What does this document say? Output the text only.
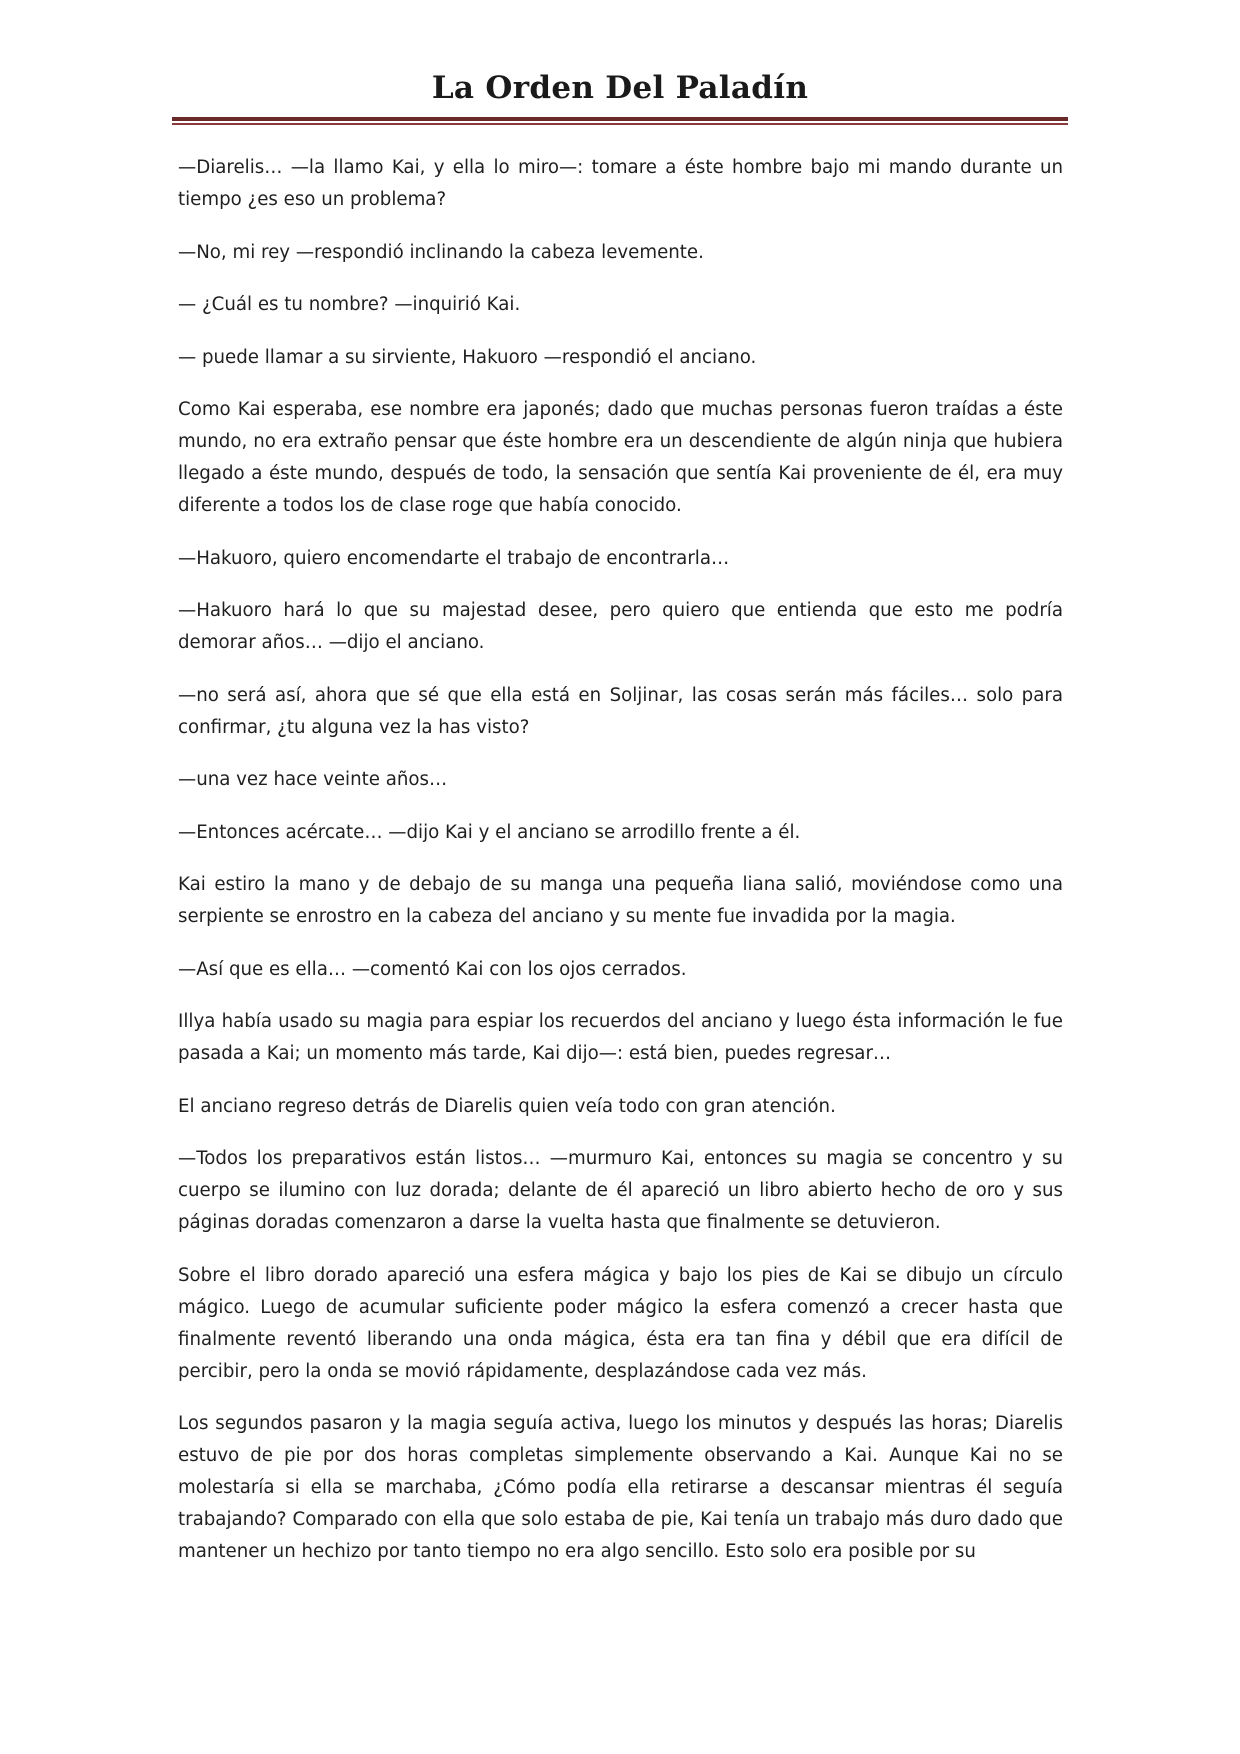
La Orden Del Paladín

—Diarelis… —la llamo Kai, y ella lo miro—: tomare a éste hombre bajo mi mando durante un tiempo ¿es eso un problema?

—No, mi rey —respondió inclinando la cabeza levemente.

— ¿Cuál es tu nombre? —inquirió Kai.

— puede llamar a su sirviente, Hakuoro —respondió el anciano.

Como Kai esperaba, ese nombre era japonés; dado que muchas personas fueron traídas a éste mundo, no era extraño pensar que éste hombre era un descendiente de algún ninja que hubiera llegado a éste mundo, después de todo, la sensación que sentía Kai proveniente de él, era muy diferente a todos los de clase roge que había conocido.

—Hakuoro, quiero encomendarte el trabajo de encontrarla…

—Hakuoro hará lo que su majestad desee, pero quiero que entienda que esto me podría demorar años… —dijo el anciano.

—no será así, ahora que sé que ella está en Soljinar, las cosas serán más fáciles… solo para confirmar, ¿tu alguna vez la has visto?

—una vez hace veinte años…

—Entonces acércate… —dijo Kai y el anciano se arrodillo frente a él.

Kai estiro la mano y de debajo de su manga una pequeña liana salió, moviéndose como una serpiente se enrostro en la cabeza del anciano y su mente fue invadida por la magia.

—Así que es ella… —comentó Kai con los ojos cerrados.

Illya había usado su magia para espiar los recuerdos del anciano y luego ésta información le fue pasada a Kai; un momento más tarde, Kai dijo—: está bien, puedes regresar…

El anciano regreso detrás de Diarelis quien veía todo con gran atención.

—Todos los preparativos están listos… —murmuro Kai, entonces su magia se concentro y su cuerpo se ilumino con luz dorada; delante de él apareció un libro abierto hecho de oro y sus páginas doradas comenzaron a darse la vuelta hasta que finalmente se detuvieron.

Sobre el libro dorado apareció una esfera mágica y bajo los pies de Kai se dibujo un círculo mágico. Luego de acumular suficiente poder mágico la esfera comenzó a crecer hasta que finalmente reventó liberando una onda mágica, ésta era tan fina y débil que era difícil de percibir, pero la onda se movió rápidamente, desplazándose cada vez más.

Los segundos pasaron y la magia seguía activa, luego los minutos y después las horas; Diarelis estuvo de pie por dos horas completas simplemente observando a Kai. Aunque Kai no se molestaría si ella se marchaba, ¿Cómo podía ella retirarse a descansar mientras él seguía trabajando? Comparado con ella que solo estaba de pie, Kai tenía un trabajo más duro dado que mantener un hechizo por tanto tiempo no era algo sencillo. Esto solo era posible por su
